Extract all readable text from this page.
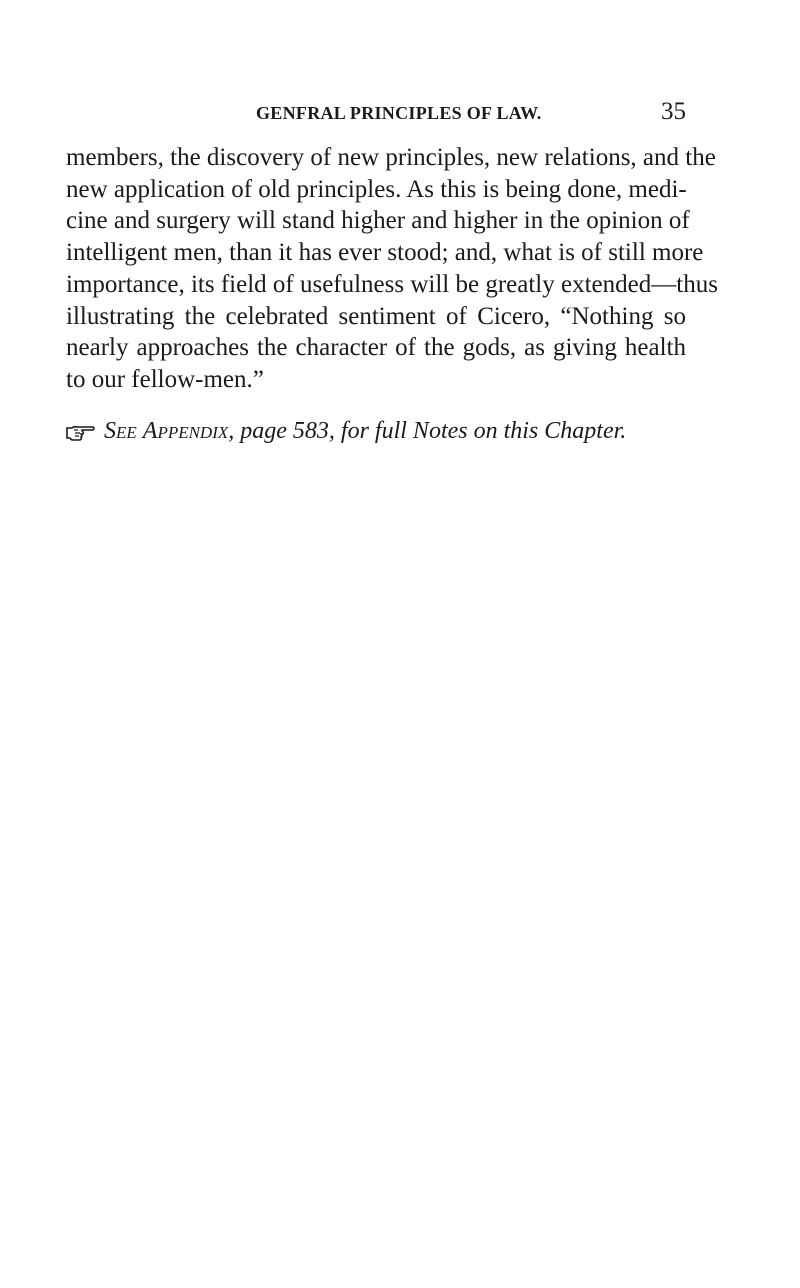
GENFRAL PRINCIPLES OF LAW.	35
members, the discovery of new principles, new relations, and the
new application of old principles. As this is being done, medi-
cine and surgery will stand higher and higher in the opinion of
intelligent men, than it has ever stood; and, what is of still more
importance, its field of usefulness will be greatly extended—thus
illustrating the celebrated sentiment of Cicero, “Nothing so
nearly approaches the character of the gods, as giving health
to our fellow-men.”
See Appendix, page 583, for full Notes on this Chapter.
